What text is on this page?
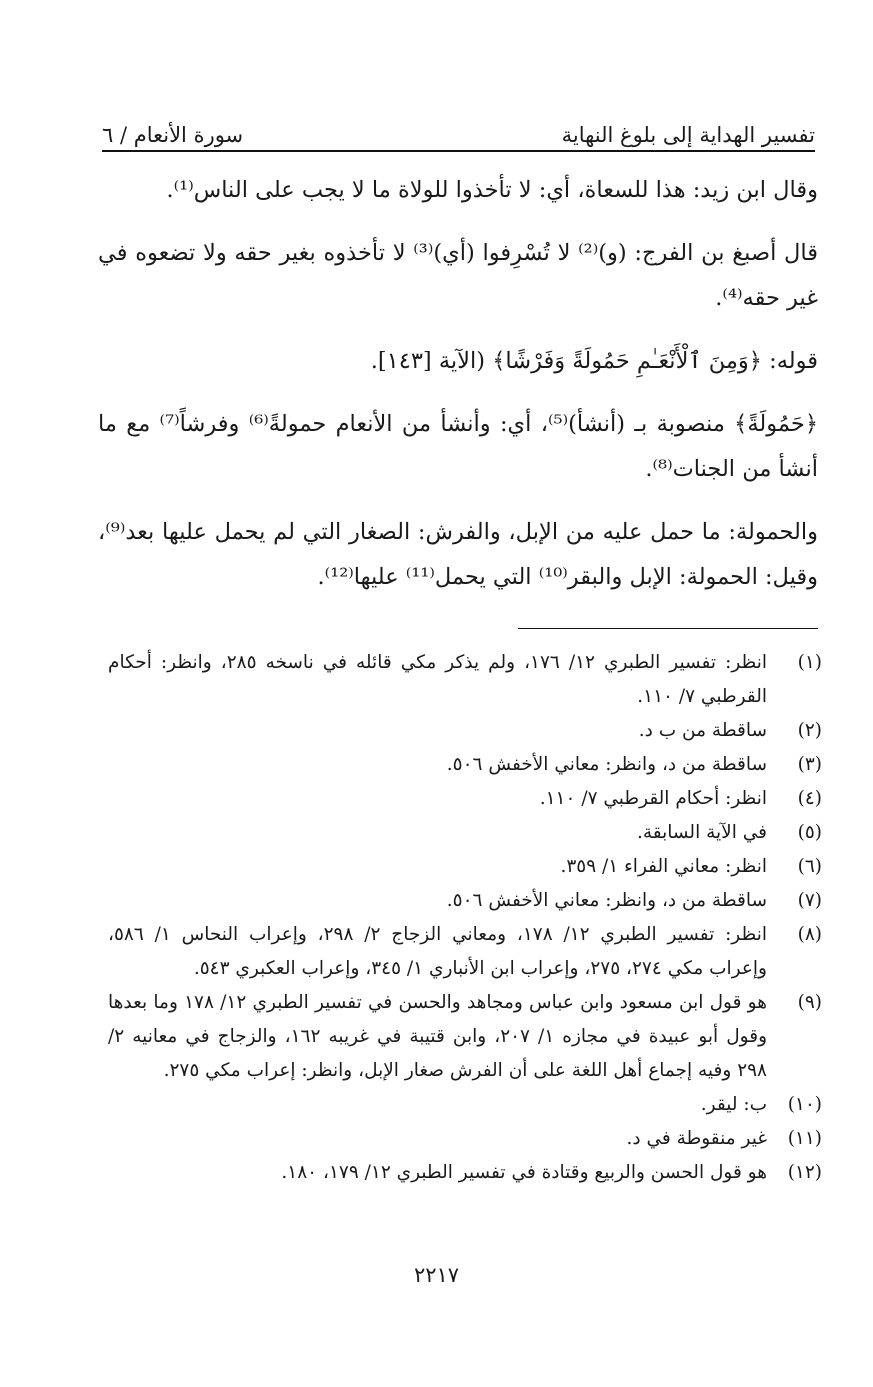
تفسير الهداية إلى بلوغ النهاية
سورة الأنعام / ٦

وقال ابن زيد: هذا للسعاة، أي: لا تأخذوا للولاة ما لا يجب على الناس⁽¹⁾.

قال أصبغ بن الفرج: (و)⁽²⁾ لا تُسْرِفوا (أي)⁽³⁾ لا تأخذوه بغير حقه ولا تضعوه في غير حقه⁽⁴⁾.

قوله: ﴿وَمِنَ ٱلْأَنْعَـٰمِ حَمُولَةً وَفَرْشًا﴾ (الآية [١٤٣].

﴿حَمُولَةً﴾ منصوبة بـ (أنشأ)⁽⁵⁾، أي: وأنشأ من الأنعام حمولةً⁽⁶⁾ وفرشاً⁽⁷⁾ مع ما أنشأ من الجنات⁽⁸⁾.

والحمولة: ما حمل عليه من الإبل، والفرش: الصغار التي لم يحمل عليها بعد⁽⁹⁾، وقيل: الحمولة: الإبل والبقر⁽¹⁰⁾ التي يحمل⁽¹¹⁾ عليها⁽¹²⁾.

(١)
انظر: تفسير الطبري ١٢/ ١٧٦، ولم يذكر مكي قائله في ناسخه ٢٨٥، وانظر: أحكام القرطبي ٧/ ١١٠.
(٢)
ساقطة من ب د.
(٣)
ساقطة من د، وانظر: معاني الأخفش ٥٠٦.
(٤)
انظر: أحكام القرطبي ٧/ ١١٠.
(٥)
في الآية السابقة.
(٦)
انظر: معاني الفراء ١/ ٣٥٩.
(٧)
ساقطة من د، وانظر: معاني الأخفش ٥٠٦.
(٨)
انظر: تفسير الطبري ١٢/ ١٧٨، ومعاني الزجاج ٢/ ٢٩٨، وإعراب النحاس ١/ ٥٨٦، وإعراب مكي ٢٧٤، ٢٧٥، وإعراب ابن الأنباري ١/ ٣٤٥، وإعراب العكبري ٥٤٣.
(٩)
هو قول ابن مسعود وابن عباس ومجاهد والحسن في تفسير الطبري ١٢/ ١٧٨ وما بعدها وقول أبو عبيدة في مجازه ١/ ٢٠٧، وابن قتيبة في غريبه ١٦٢، والزجاج في معانيه ٢/ ٢٩٨ وفيه إجماع أهل اللغة على أن الفرش صغار الإبل، وانظر: إعراب مكي ٢٧٥.
(١٠)
ب: ليقر.
(١١)
غير منقوطة في د.
(١٢)
هو قول الحسن والربيع وقتادة في تفسير الطبري ١٢/ ١٧٩، ١٨٠.
٢٢١٧
